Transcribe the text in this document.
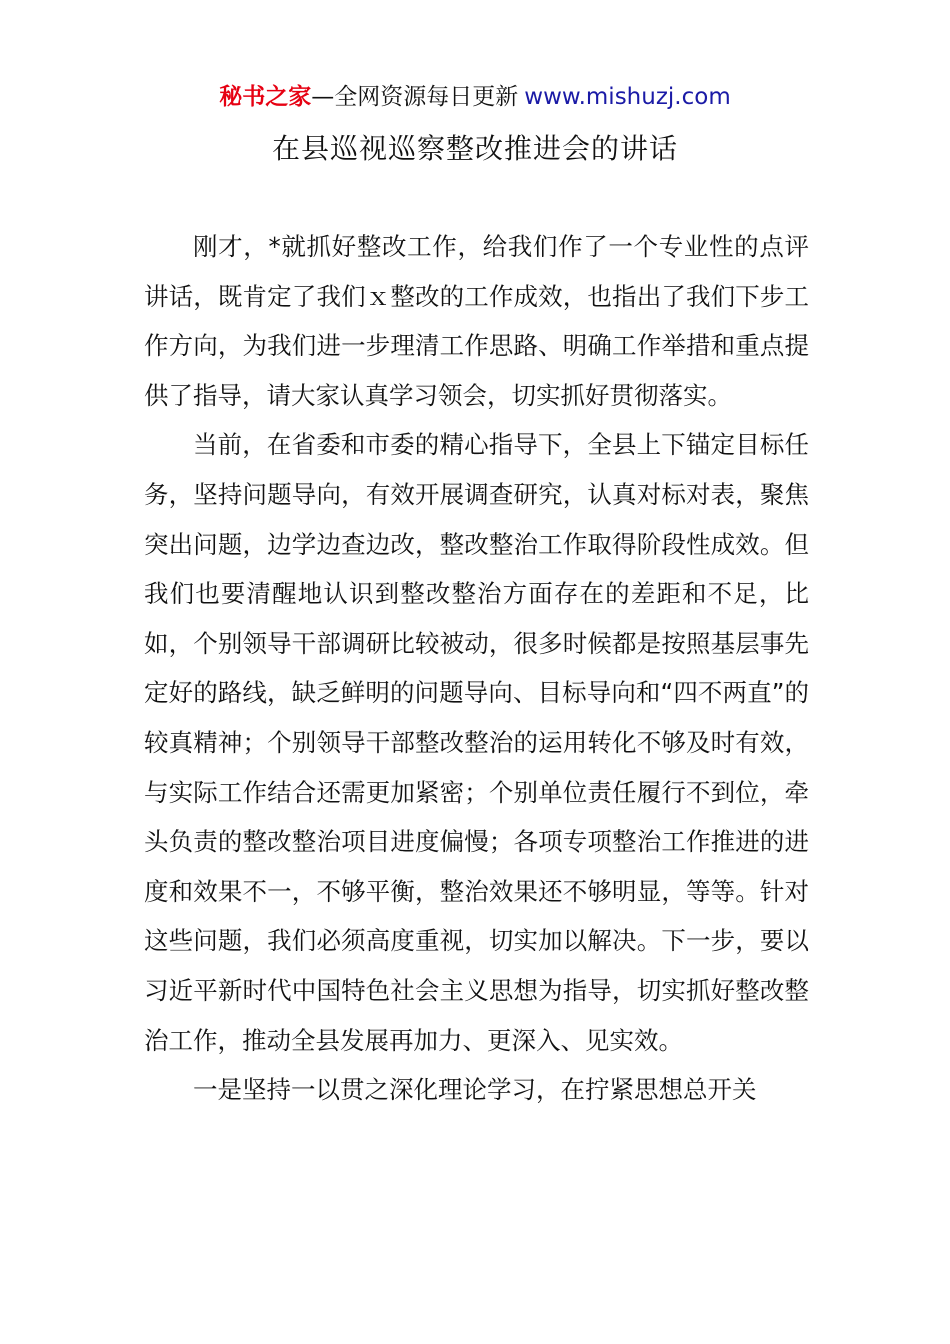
秘书之家—全网资源每日更新 www.mishuzj.com
在县巡视巡察整改推进会的讲话

刚才，*就抓好整改工作，给我们作了一个专业性的点评讲话，既肯定了我们ｘ整改的工作成效，也指出了我们下步工作方向，为我们进一步理清工作思路、明确工作举措和重点提供了指导，请大家认真学习领会，切实抓好贯彻落实。

当前，在省委和市委的精心指导下，全县上下锚定目标任务，坚持问题导向，有效开展调查研究，认真对标对表，聚焦突出问题，边学边查边改，整改整治工作取得阶段性成效。但我们也要清醒地认识到整改整治方面存在的差距和不足，比如，个别领导干部调研比较被动，很多时候都是按照基层事先定好的路线，缺乏鲜明的问题导向、目标导向和“四不两直”的较真精神；个别领导干部整改整治的运用转化不够及时有效，与实际工作结合还需更加紧密；个别单位责任履行不到位，牵头负责的整改整治项目进度偏慢；各项专项整治工作推进的进度和效果不一，不够平衡，整治效果还不够明显，等等。针对这些问题，我们必须高度重视，切实加以解决。下一步，要以习近平新时代中国特色社会主义思想为指导，切实抓好整改整治工作，推动全县发展再加力、更深入、见实效。

一是坚持一以贯之深化理论学习，在拧紧思想总开关
